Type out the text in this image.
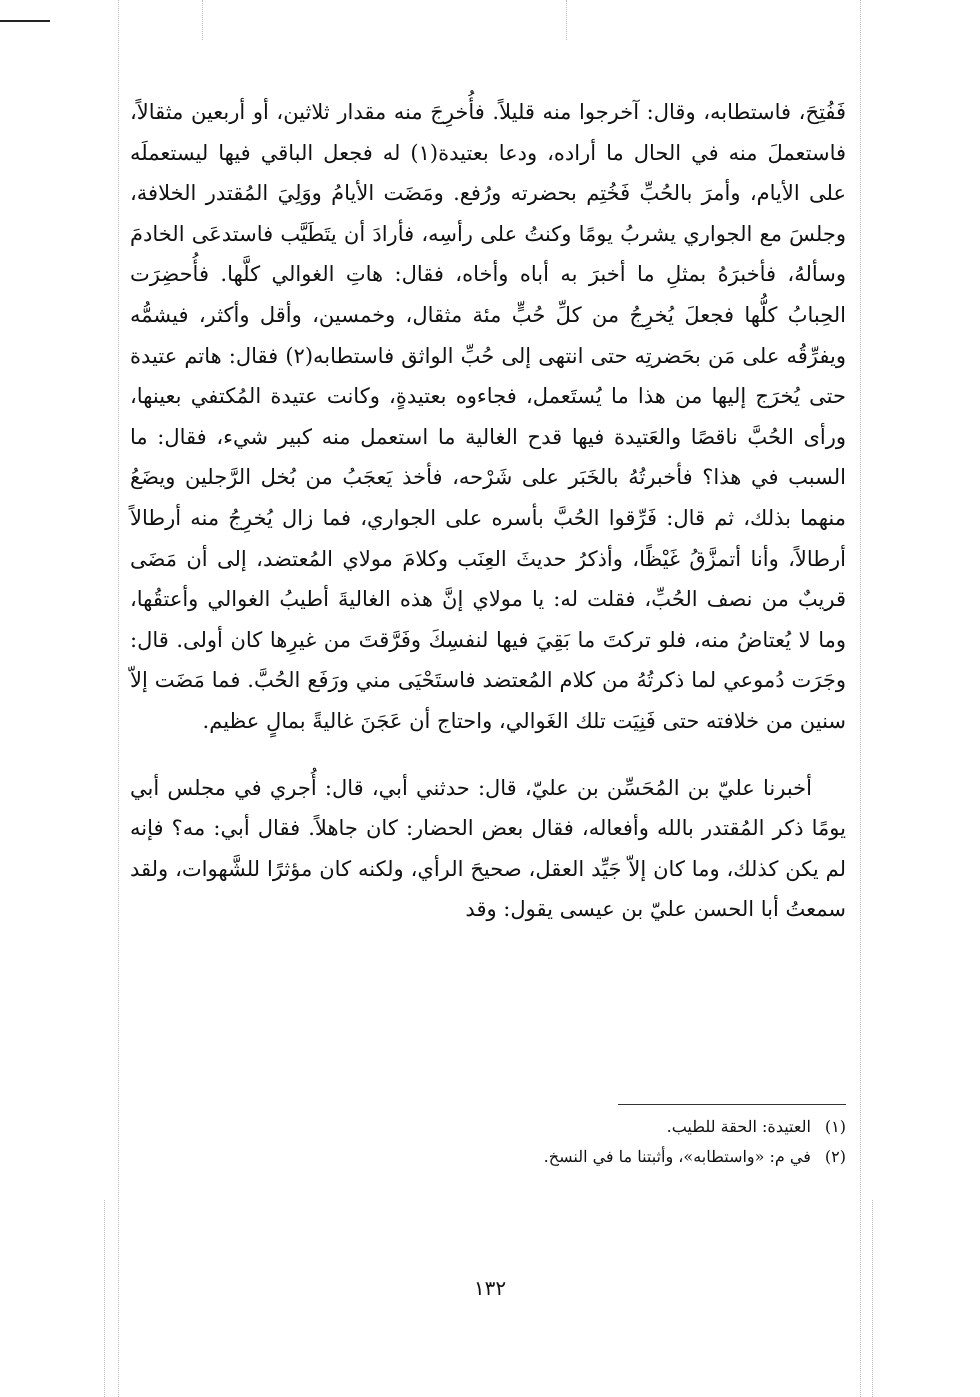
فَفُتِحَ، فاستطابه، وقال: آخرجوا منه قليلاً. فأُخرِجَ منه مقدار ثلاثين، أو أربعين مثقالاً، فاستعملَ منه في الحال ما أراده، ودعا بعتيدة(١) له فجعل الباقي فيها ليستعملَه على الأيام، وأمرَ بالحُبِّ فَخُتِم بحضرته ورُفع. ومَضَت الأيامُ ووَلِيَ المُقتدر الخلافة، وجلسَ مع الجواري يشربُ يومًا وكنتُ على رأسِه، فأرادَ أن يتَطَيَّب فاستدعَى الخادمَ وسألهُ، فأخبرَهُ بمثلِ ما أخبرَ به أباه وأخاه، فقال: هاتِ الغوالي كلَّها. فأُحضِرَت الحِبابُ كلُّها فجعلَ يُخرِجُ من كلِّ حُبٍّ مئة مثقال، وخمسين، وأقل وأكثر، فيشمُّه ويفرِّقُه على مَن بحَضرتِه حتى انتهى إلى حُبِّ الواثق فاستطابه(٢) فقال: هاتم عتيدة حتى يُخرَج إليها من هذا ما يُستَعمل، فجاءوه بعتيدةٍ، وكانت عتيدة المُكتفي بعينها، ورأى الحُبَّ ناقصًا والعَتيدة فيها قدح الغالية ما استعمل منه كبير شيء، فقال: ما السبب في هذا؟ فأخبرتُهُ بالخَبَر على شَرْحه، فأخذ يَعجَبُ من بُخل الرَّجلين ويضَعُ منهما بذلك، ثم قال: فَرِّقوا الحُبَّ بأسره على الجواري، فما زال يُخرِجُ منه أرطالاً أرطالاً، وأنا أتمزَّقُ غَيْظًا، وأذكرُ حديثَ العِنَب وكلامَ مولاي المُعتضد، إلى أن مَضَى قريبٌ من نصف الحُبِّ، فقلت له: يا مولاي إنَّ هذه الغاليةَ أطيبُ الغوالي وأعتقُها، وما لا يُعتاضُ منه، فلو تركتَ ما بَقِيَ فيها لنفسِكَ وفَرَّقتَ من غيرِها كان أولى. قال: وجَرَت دُموعي لما ذكرتُهُ من كلام المُعتضد فاستَحْيَى مني ورَفَع الحُبَّ. فما مَضَت إلاّ سنين من خلافته حتى فَنِيَت تلك الغَوالي، واحتاج أن عَجَنَ غاليةً بمالٍ عظيم.

أخبرنا عليّ بن المُحَسِّن بن عليّ، قال: حدثني أبي، قال: أُجري في مجلس أبي يومًا ذكر المُقتدر بالله وأفعاله، فقال بعض الحضار: كان جاهلاً. فقال أبي: مه؟ فإنه لم يكن كذلك، وما كان إلاّ جَيِّد العقل، صحيحَ الرأي، ولكنه كان مؤثرًا للشَّهوات، ولقد سمعتُ أبا الحسن عليّ بن عيسى يقول: وقد

(١)العتيدة: الحقة للطيب.
(٢)في م: «واستطابه»، وأثبتنا ما في النسخ.
١٣٢
